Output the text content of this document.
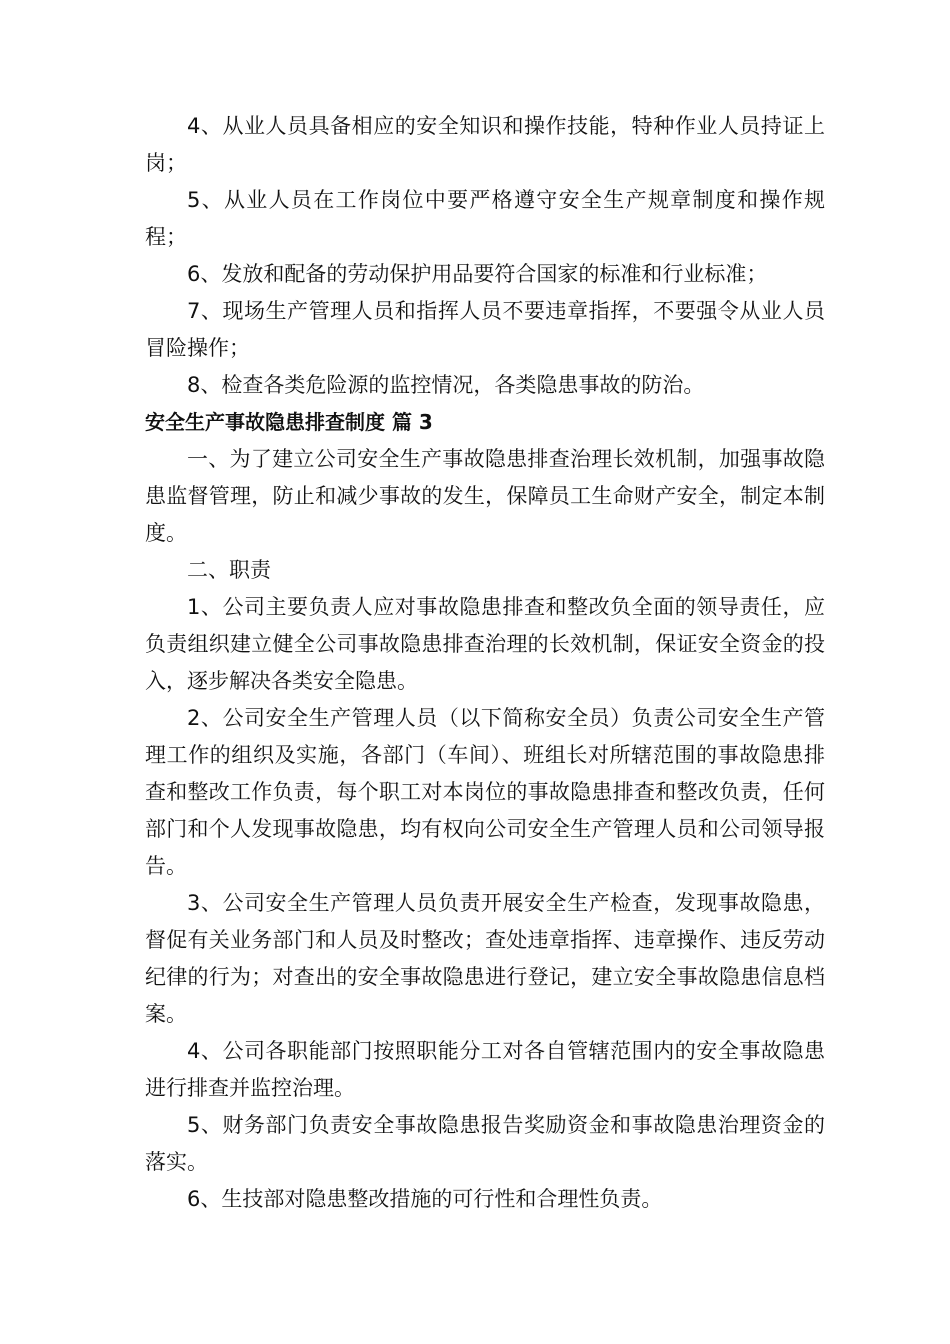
4、从业人员具备相应的安全知识和操作技能，特种作业人员持证上岗；

5、从业人员在工作岗位中要严格遵守安全生产规章制度和操作规程；

6、发放和配备的劳动保护用品要符合国家的标准和行业标准；

7、现场生产管理人员和指挥人员不要违章指挥，不要强令从业人员冒险操作；

8、检查各类危险源的监控情况，各类隐患事故的防治。

安全生产事故隐患排查制度 篇 3

一、为了建立公司安全生产事故隐患排查治理长效机制，加强事故隐患监督管理，防止和减少事故的发生，保障员工生命财产安全，制定本制度。

二、职责

1、公司主要负责人应对事故隐患排查和整改负全面的领导责任，应负责组织建立健全公司事故隐患排查治理的长效机制，保证安全资金的投入，逐步解决各类安全隐患。

2、公司安全生产管理人员（以下简称安全员）负责公司安全生产管理工作的组织及实施，各部门（车间）、班组长对所辖范围的事故隐患排查和整改工作负责，每个职工对本岗位的事故隐患排查和整改负责，任何部门和个人发现事故隐患，均有权向公司安全生产管理人员和公司领导报告。

3、公司安全生产管理人员负责开展安全生产检查，发现事故隐患，督促有关业务部门和人员及时整改；查处违章指挥、违章操作、违反劳动纪律的行为；对查出的安全事故隐患进行登记，建立安全事故隐患信息档案。

4、公司各职能部门按照职能分工对各自管辖范围内的安全事故隐患进行排查并监控治理。

5、财务部门负责安全事故隐患报告奖励资金和事故隐患治理资金的落实。

6、生技部对隐患整改措施的可行性和合理性负责。
